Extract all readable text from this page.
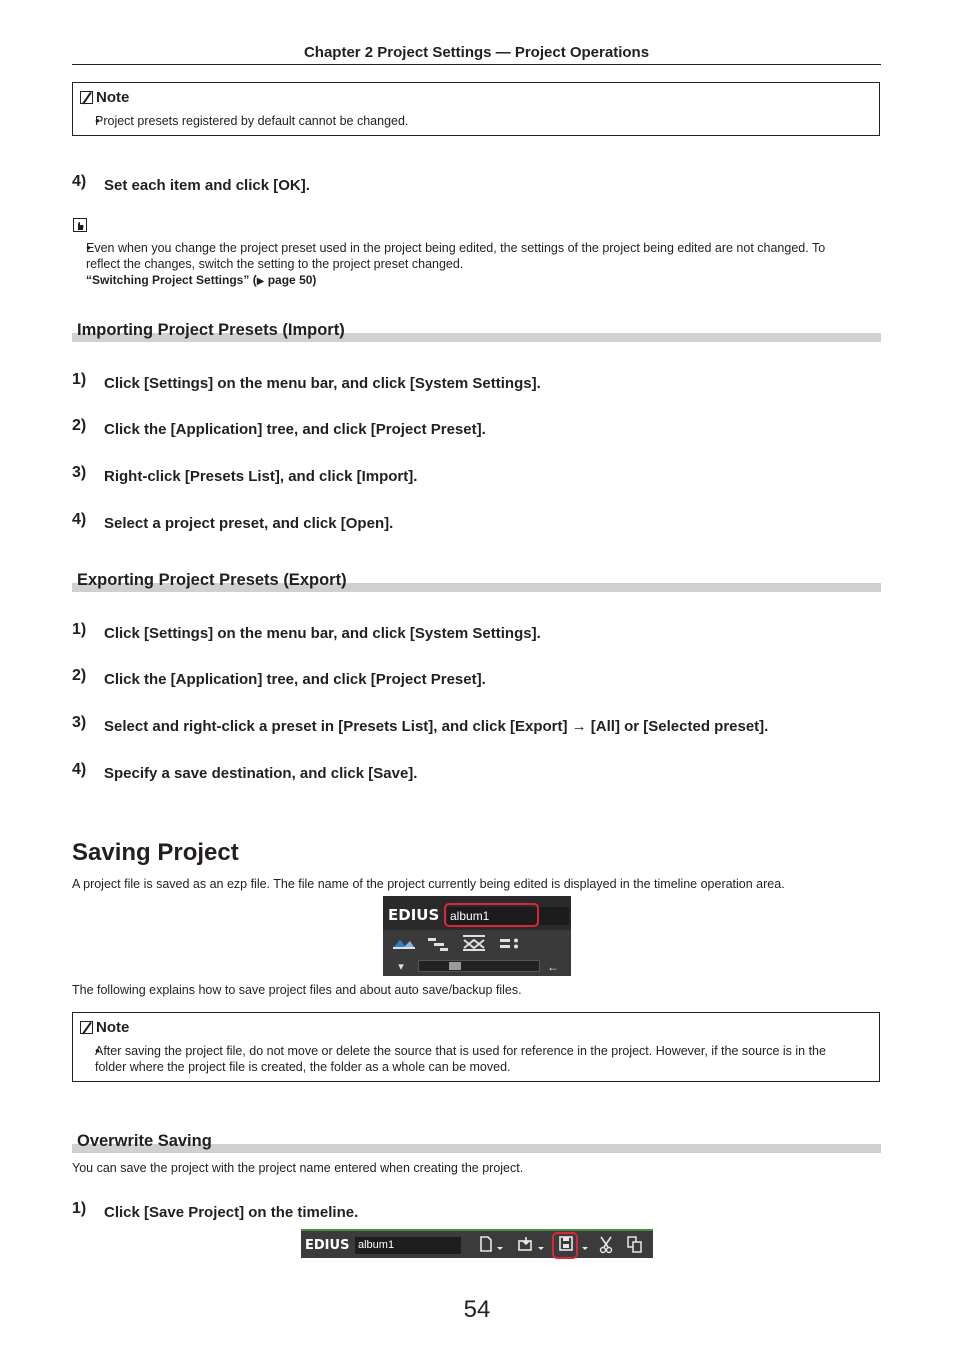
Chapter 2 Project Settings — Project Operations
Note
● Project presets registered by default cannot be changed.
4) Set each item and click [OK].
● Even when you change the project preset used in the project being edited, the settings of the project being edited are not changed. To
reflect the changes, switch the setting to the project preset changed.
“Switching Project Settings” (▶ page 50)
Importing Project Presets (Import)
1) Click [Settings] on the menu bar, and click [System Settings].
2) Click the [Application] tree, and click [Project Preset].
3) Right-click [Presets List], and click [Import].
4) Select a project preset, and click [Open].
Exporting Project Presets (Export)
1) Click [Settings] on the menu bar, and click [System Settings].
2) Click the [Application] tree, and click [Project Preset].
3) Select and right-click a preset in [Presets List], and click [Export] → [All] or [Selected preset].
4) Specify a save destination, and click [Save].
Saving Project
A project file is saved as an ezp file. The file name of the project currently being edited is displayed in the timeline operation area.
EDIUS album1
▾	←
The following explains how to save project files and about auto save/backup files.
Note
● After saving the project file, do not move or delete the source that is used for reference in the project. However, if the source is in the
folder where the project file is created, the folder as a whole can be moved.
Overwrite Saving
You can save the project with the project name entered when creating the project.
1) Click [Save Project] on the timeline.
EDIUS album1
54
